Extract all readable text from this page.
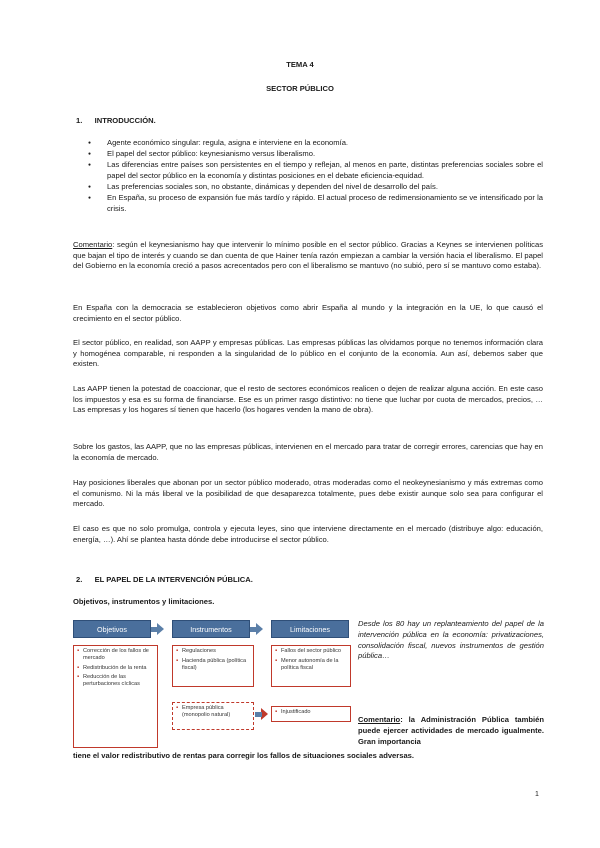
TEMA 4
SECTOR PÚBLICO
1. INTRODUCCIÓN.
● Agente económico singular: regula, asigna e interviene en la economía.
● El papel del sector público: keynesianismo versus liberalismo.
● Las diferencias entre países son persistentes en el tiempo y reflejan, al menos en parte, distintas preferencias sociales sobre el papel del sector público en la economía y distintas posiciones en el debate eficiencia-equidad.
● Las preferencias sociales son, no obstante, dinámicas y dependen del nivel de desarrollo del país.
● En España, su proceso de expansión fue más tardío y rápido. El actual proceso de redimensionamiento se ve intensificado por la crisis.
Comentario: según el keynesianismo hay que intervenir lo mínimo posible en el sector público. Gracias a Keynes se intervienen políticas que bajan el tipo de interés y cuando se dan cuenta de que Hainer tenía razón empiezan a cambiar la versión hacia el liberalismo. El papel del Gobierno en la economía creció a pasos acrecentados pero con el liberalismo se mantuvo (no subió, pero sí se mantuvo como estaba).
En España con la democracia se establecieron objetivos como abrir España al mundo y la integración en la UE, lo que causó el crecimiento en el sector público.
El sector público, en realidad, son AAPP y empresas públicas. Las empresas públicas las olvidamos porque no tenemos información clara y homogénea comparable, ni responden a la singularidad de lo público en el conjunto de la economía. Aun así, debemos saber que existen.
Las AAPP tienen la potestad de coaccionar, que el resto de sectores económicos realicen o dejen de realizar alguna acción. En este caso los impuestos y esa es su forma de financiarse. Ese es un primer rasgo distintivo: no tiene que luchar por cuota de mercados, precios, … Las empresas y los hogares sí tienen que hacerlo (los hogares venden la mano de obra).
Sobre los gastos, las AAPP, que no las empresas públicas, intervienen en el mercado para tratar de corregir errores, carencias que hay en la economía de mercado.
Hay posiciones liberales que abonan por un sector público moderado, otras moderadas como el neokeynesianismo y más extremas como el comunismo. Ni la más liberal ve la posibilidad de que desaparezca totalmente, pues debe existir aunque solo sea para configurar el mercado.
El caso es que no solo promulga, controla y ejecuta leyes, sino que interviene directamente en el mercado (distribuye algo: educación, energía, …). Ahí se plantea hasta dónde debe introducirse el sector público.
2. EL PAPEL DE LA INTERVENCIÓN PÚBLICA.
Objetivos, instrumentos y limitaciones.
Objetivos	Instrumentos	Limitaciones
▪ Corrección de los fallos de mercado
▪ Redistribución de la renta
▪ Reducción de las perturbaciones cíclicas
▪ Regulaciones
▪ Hacienda pública (política fiscal)
▪ Fallos del sector público
▪ Menor autonomía de la política fiscal
▪ Empresa pública (monopolio natural)
▪	Injustificado
Desde los 80 hay un replanteamiento del papel de la intervención pública en la economía: privatizaciones, consolidación fiscal, nuevos instrumentos de gestión pública…
Comentario: la Administración Pública también puede ejercer actividades de mercado igualmente. Gran importancia
tiene el valor redistributivo de rentas para corregir los fallos de situaciones sociales adversas.
1
